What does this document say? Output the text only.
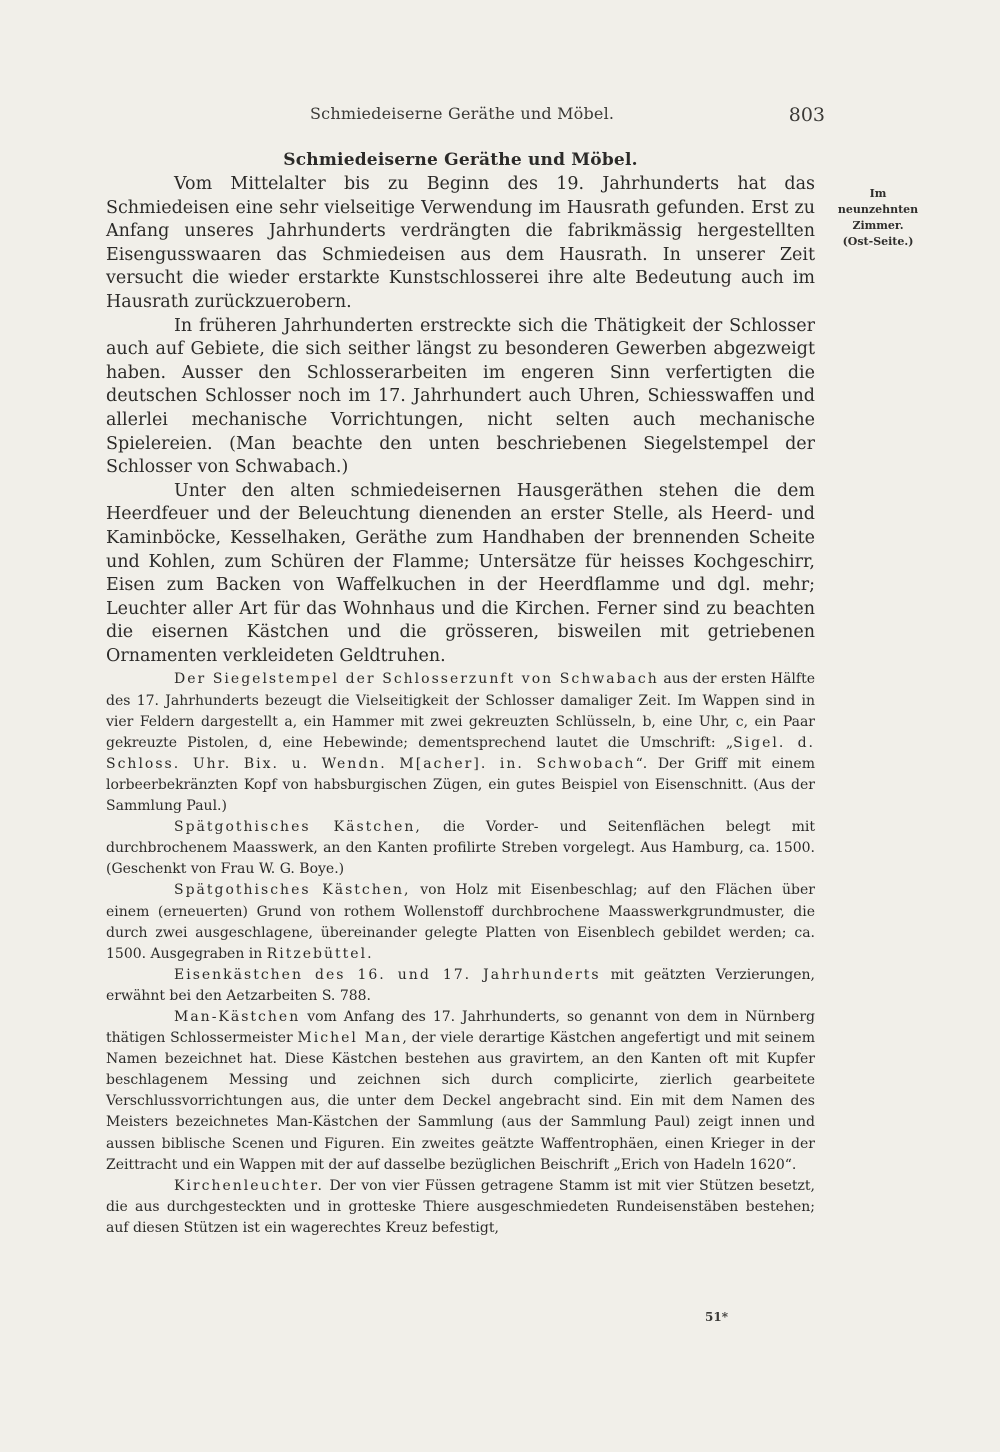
Schmiedeiserne Geräthe und Möbel.	803
Schmiedeiserne Geräthe und Möbel.

Vom Mittelalter bis zu Beginn des 19. Jahrhunderts hat das Schmiedeisen eine sehr vielseitige Verwendung im Hausrath gefunden. Erst zu Anfang unseres Jahrhunderts verdrängten die fabrikmässig hergestellten Eisengusswaaren das Schmiedeisen aus dem Hausrath. In unserer Zeit versucht die wieder erstarkte Kunstschlosserei ihre alte Bedeutung auch im Hausrath zurückzuerobern.

In früheren Jahrhunderten erstreckte sich die Thätigkeit der Schlosser auch auf Gebiete, die sich seither längst zu besonderen Gewerben abgezweigt haben. Ausser den Schlosserarbeiten im engeren Sinn verfertigten die deutschen Schlosser noch im 17. Jahrhundert auch Uhren, Schiesswaffen und allerlei mechanische Vorrichtungen, nicht selten auch mechanische Spielereien. (Man beachte den unten beschriebenen Siegelstempel der Schlosser von Schwabach.)

Unter den alten schmiedeisernen Hausgeräthen stehen die dem Heerdfeuer und der Beleuchtung dienenden an erster Stelle, als Heerd- und Kaminböcke, Kesselhaken, Geräthe zum Handhaben der brennenden Scheite und Kohlen, zum Schüren der Flamme; Untersätze für heisses Kochgeschirr, Eisen zum Backen von Waffelkuchen in der Heerdflamme und dgl. mehr; Leuchter aller Art für das Wohnhaus und die Kirchen. Ferner sind zu beachten die eisernen Kästchen und die grösseren, bisweilen mit getriebenen Ornamenten verkleideten Geldtruhen.

Der Siegelstempel der Schlosserzunft von Schwabach aus der ersten Hälfte des 17. Jahrhunderts bezeugt die Vielseitigkeit der Schlosser damaliger Zeit. Im Wappen sind in vier Feldern dargestellt a, ein Hammer mit zwei gekreuzten Schlüsseln, b, eine Uhr, c, ein Paar gekreuzte Pistolen, d, eine Hebewinde; dementsprechend lautet die Umschrift: „Sigel. d. Schloss. Uhr. Bix. u. Wendn. M[acher]. in. Schwobach“. Der Griff mit einem lorbeerbekränzten Kopf von habsburgischen Zügen, ein gutes Beispiel von Eisenschnitt. (Aus der Sammlung Paul.)

Spätgothisches Kästchen, die Vorder- und Seitenflächen belegt mit durchbrochenem Maasswerk, an den Kanten profilirte Streben vorgelegt. Aus Hamburg, ca. 1500. (Geschenkt von Frau W. G. Boye.)

Spätgothisches Kästchen, von Holz mit Eisenbeschlag; auf den Flächen über einem (erneuerten) Grund von rothem Wollenstoff durchbrochene Maasswerkgrundmuster, die durch zwei ausgeschlagene, übereinander gelegte Platten von Eisenblech gebildet werden; ca. 1500. Ausgegraben in Ritzebüttel.

Eisenkästchen des 16. und 17. Jahrhunderts mit geätzten Verzierungen, erwähnt bei den Aetzarbeiten S. 788.

Man-Kästchen vom Anfang des 17. Jahrhunderts, so genannt von dem in Nürnberg thätigen Schlossermeister Michel Man, der viele derartige Kästchen angefertigt und mit seinem Namen bezeichnet hat. Diese Kästchen bestehen aus gravirtem, an den Kanten oft mit Kupfer beschlagenem Messing und zeichnen sich durch complicirte, zierlich gearbeitete Verschlussvorrichtungen aus, die unter dem Deckel angebracht sind. Ein mit dem Namen des Meisters bezeichnetes Man-Kästchen der Sammlung (aus der Sammlung Paul) zeigt innen und aussen biblische Scenen und Figuren. Ein zweites geätzte Waffentrophäen, einen Krieger in der Zeittracht und ein Wappen mit der auf dasselbe bezüglichen Beischrift „Erich von Hadeln 1620“.

Kirchenleuchter. Der von vier Füssen getragene Stamm ist mit vier Stützen besetzt, die aus durchgesteckten und in grotteske Thiere ausgeschmiedeten Rundeisenstäben bestehen; auf diesen Stützen ist ein wagerechtes Kreuz befestigt,

Im
neunzehnten
Zimmer.
(Ost-Seite.)
51*
